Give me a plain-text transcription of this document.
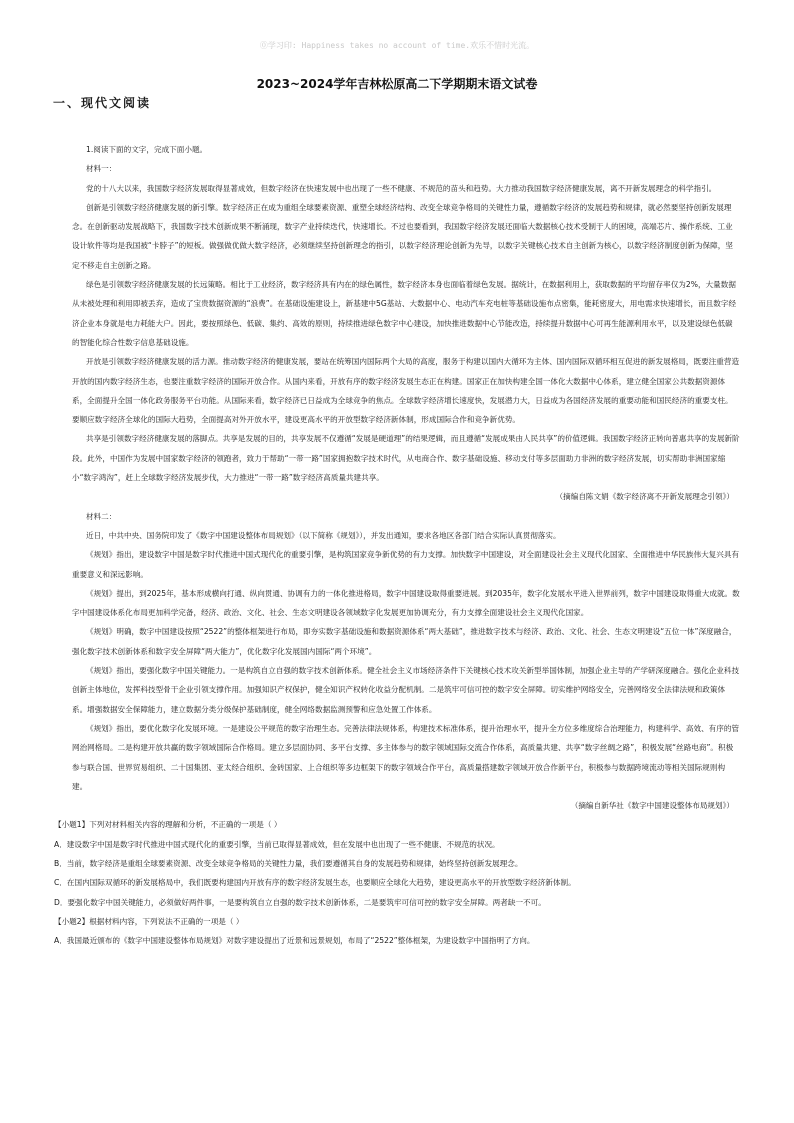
⓪学习印: Happiness takes no account of time.欢乐不惜时光流。
2023~2024学年吉林松原高二下学期期末语文试卷
一、现代文阅读

1.阅读下面的文字，完成下面小题。

材料一：

党的十八大以来，我国数字经济发展取得显著成效，但数字经济在快速发展中也出现了一些不健康、不规范的苗头和趋势。大力推动我国数字经济健康发展，离不开新发展理念的科学指引。

创新是引领数字经济健康发展的新引擎。数字经济正在成为重组全球要素资源、重塑全球经济结构、改变全球竞争格局的关键性力量，遵循数字经济的发展趋势和规律，就必然要坚持创新发展理念。在创新驱动发展战略下，我国数字技术创新成果不断涌现，数字产业持续迭代，快速增长。不过也要看到，我国数字经济发展还面临大数据核心技术受制于人的困境，高端芯片、操作系统、工业设计软件等均是我国被“卡脖子”的短板。做强做优做大数字经济，必须继续坚持创新理念的指引，以数字经济理论创新为先导，以数字关键核心技术自主创新为核心，以数字经济制度创新为保障，坚定不移走自主创新之路。

绿色是引领数字经济健康发展的长远策略。相比于工业经济，数字经济具有内在的绿色属性，数字经济本身也面临着绿色发展。据统计，在数据利用上，获取数据的平均留存率仅为2%，大量数据从未被处理和利用即被丢弃，造成了宝贵数据资源的“浪费”。在基础设施建设上，新基建中5G基站、大数据中心、电动汽车充电桩等基础设施布点密集，能耗密度大，用电需求快速增长，而且数字经济企业本身就是电力耗能大户。因此，要按照绿色、低碳、集约、高效的原则，持续推进绿色数字中心建设，加快推进数据中心节能改造，持续提升数据中心可再生能源利用水平，以及建设绿色低碳的智能化综合性数字信息基础设施。

开放是引领数字经济健康发展的活力源。推动数字经济的健康发展，要站在统筹国内国际两个大局的高度，服务于构建以国内大循环为主体、国内国际双循环相互促进的新发展格局，既要注重营造开放的国内数字经济生态，也要注重数字经济的国际开放合作。从国内来看，开放有序的数字经济发展生态正在构建。国家正在加快构建全国一体化大数据中心体系，建立健全国家公共数据资源体系，全面提升全国一体化政务服务平台功能。从国际来看，数字经济已日益成为全球竞争的焦点。全球数字经济增长速度快，发展潜力大，日益成为各国经济发展的重要动能和国民经济的重要支柱。要顺应数字经济全球化的国际大趋势，全面提高对外开放水平，建设更高水平的开放型数字经济新体制，形成国际合作和竞争新优势。

共享是引领数字经济健康发展的落脚点。共享是发展的目的，共享发展不仅遵循“发展是硬道理”的结果逻辑，而且遵循“发展成果由人民共享”的价值逻辑。我国数字经济正转向普惠共享的发展新阶段。此外，中国作为发展中国家数字经济的领跑者，致力于帮助“一带一路”国家拥抱数字技术时代，从电商合作、数字基础设施、移动支付等多层面助力非洲的数字经济发展，切实帮助非洲国家缩小“数字鸿沟”，赶上全球数字经济发展步伐，大力推进“一带一路”数字经济高质量共建共享。

（摘编自陈文娟《数字经济离不开新发展理念引领》）

材料二：

近日，中共中央、国务院印发了《数字中国建设整体布局规划》（以下简称《规划》），并发出通知，要求各地区各部门结合实际认真贯彻落实。

《规划》指出，建设数字中国是数字时代推进中国式现代化的重要引擎，是构筑国家竞争新优势的有力支撑。加快数字中国建设，对全面建设社会主义现代化国家、全面推进中华民族伟大复兴具有重要意义和深远影响。

《规划》提出，到2025年，基本形成横向打通、纵向贯通、协调有力的一体化推进格局，数字中国建设取得重要进展。到2035年，数字化发展水平进入世界前列，数字中国建设取得重大成就。数字中国建设体系化布局更加科学完备，经济、政治、文化、社会、生态文明建设各领域数字化发展更加协调充分，有力支撑全面建设社会主义现代化国家。

《规划》明确，数字中国建设按照“2522”的整体框架进行布局，即夯实数字基础设施和数据资源体系“两大基础”，推进数字技术与经济、政治、文化、社会、生态文明建设“五位一体”深度融合，强化数字技术创新体系和数字安全屏障“两大能力”，优化数字化发展国内国际“两个环境”。

《规划》指出，要强化数字中国关键能力。一是构筑自立自强的数字技术创新体系。健全社会主义市场经济条件下关键核心技术攻关新型举国体制，加强企业主导的产学研深度融合。强化企业科技创新主体地位，发挥科技型骨干企业引领支撑作用。加强知识产权保护，健全知识产权转化收益分配机制。二是筑牢可信可控的数字安全屏障。切实维护网络安全，完善网络安全法律法规和政策体系。增强数据安全保障能力，建立数据分类分级保护基础制度，健全网络数据监测预警和应急处置工作体系。

《规划》指出，要优化数字化发展环境。一是建设公平规范的数字治理生态。完善法律法规体系，构建技术标准体系，提升治理水平，提升全方位多维度综合治理能力，构建科学、高效、有序的管网治网格局。二是构建开放共赢的数字领域国际合作格局。建立多层面协同、多平台支撑、多主体参与的数字领域国际交流合作体系，高质量共建、共享“数字丝绸之路”，积极发展“丝路电商”。积极参与联合国、世界贸易组织、二十国集团、亚太经合组织、金砖国家、上合组织等多边框架下的数字领域合作平台，高质量搭建数字领域开放合作新平台，积极参与数据跨境流动等相关国际规则构建。

（摘编自新华社《数字中国建设整体布局规划》）

【小题1】下列对材料相关内容的理解和分析，不正确的一项是（ ）

A．建设数字中国是数字时代推进中国式现代化的重要引擎，当前已取得显著成效，但在发展中也出现了一些不健康、不规范的状况。

B．当前，数字经济是重组全球要素资源、改变全球竞争格局的关键性力量，我们要遵循其自身的发展趋势和规律，始终坚持创新发展理念。

C．在国内国际双循环的新发展格局中，我们既要构建国内开放有序的数字经济发展生态，也要顺应全球化大趋势，建设更高水平的开放型数字经济新体制。

D．要强化数字中国关键能力，必须做好两件事，一是要构筑自立自强的数字技术创新体系，二是要筑牢可信可控的数字安全屏障。两者缺一不可。

【小题2】根据材料内容，下列说法不正确的一项是（ ）

A．我国最近颁布的《数字中国建设整体布局规划》对数字建设提出了近景和远景规划，布局了“2522”整体框架，为建设数字中国指明了方向。
